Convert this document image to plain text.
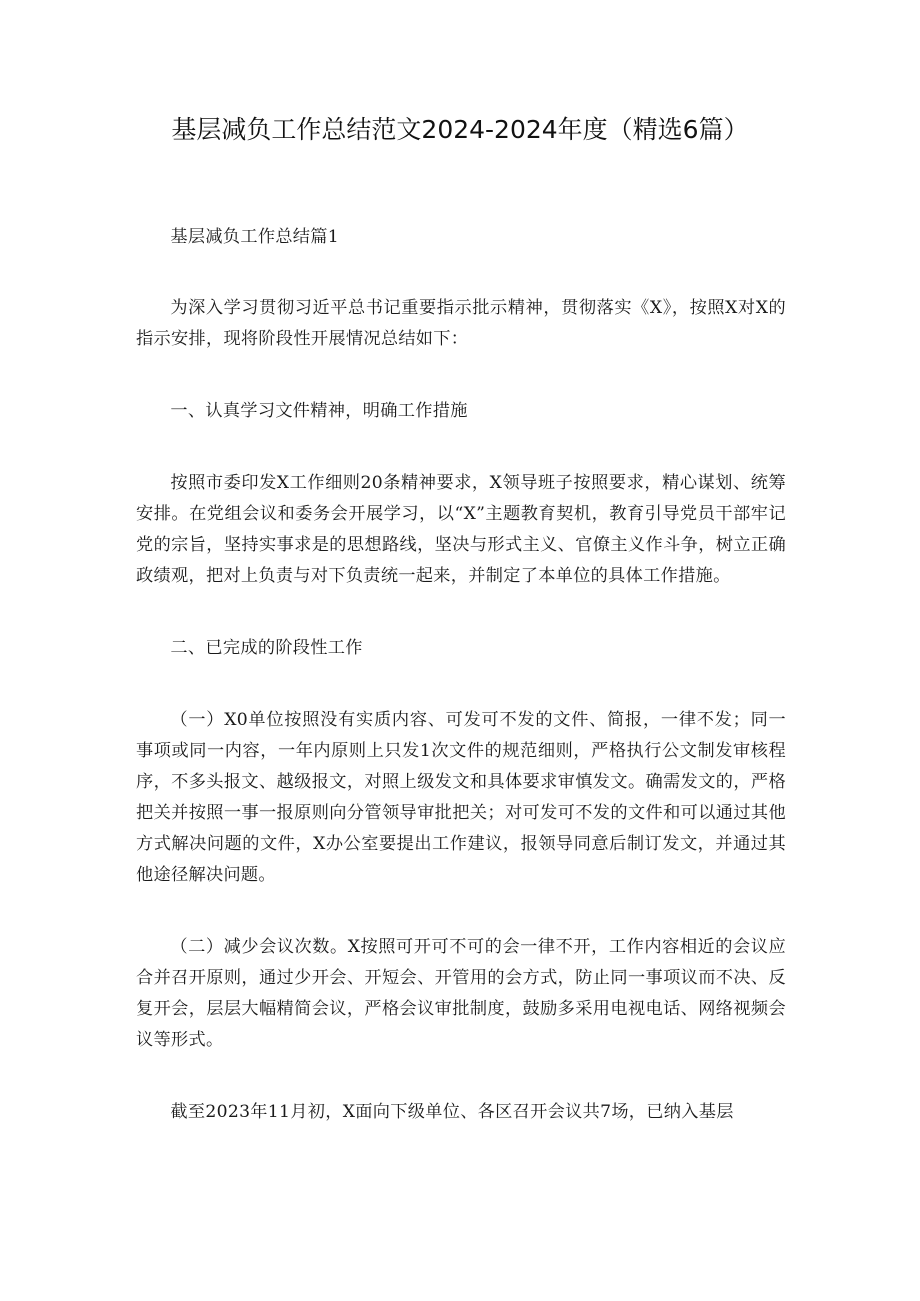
基层减负工作总结范文2024-2024年度（精选6篇）

基层减负工作总结篇1

为深入学习贯彻习近平总书记重要指示批示精神，贯彻落实《X》，按照X对X的指示安排，现将阶段性开展情况总结如下：

一、认真学习文件精神，明确工作措施

按照市委印发X工作细则20条精神要求，X领导班子按照要求，精心谋划、统筹安排。在党组会议和委务会开展学习，以“X”主题教育契机，教育引导党员干部牢记党的宗旨，坚持实事求是的思想路线，坚决与形式主义、官僚主义作斗争，树立正确政绩观，把对上负责与对下负责统一起来，并制定了本单位的具体工作措施。

二、已完成的阶段性工作

（一）X0单位按照没有实质内容、可发可不发的文件、简报，一律不发；同一事项或同一内容，一年内原则上只发1次文件的规范细则，严格执行公文制发审核程序，不多头报文、越级报文，对照上级发文和具体要求审慎发文。确需发文的，严格把关并按照一事一报原则向分管领导审批把关；对可发可不发的文件和可以通过其他方式解决问题的文件，X办公室要提出工作建议，报领导同意后制订发文，并通过其他途径解决问题。

（二）减少会议次数。X按照可开可不可的会一律不开，工作内容相近的会议应合并召开原则，通过少开会、开短会、开管用的会方式，防止同一事项议而不决、反复开会，层层大幅精简会议，严格会议审批制度，鼓励多采用电视电话、网络视频会议等形式。

截至2023年11月初，X面向下级单位、各区召开会议共7场，已纳入基层
